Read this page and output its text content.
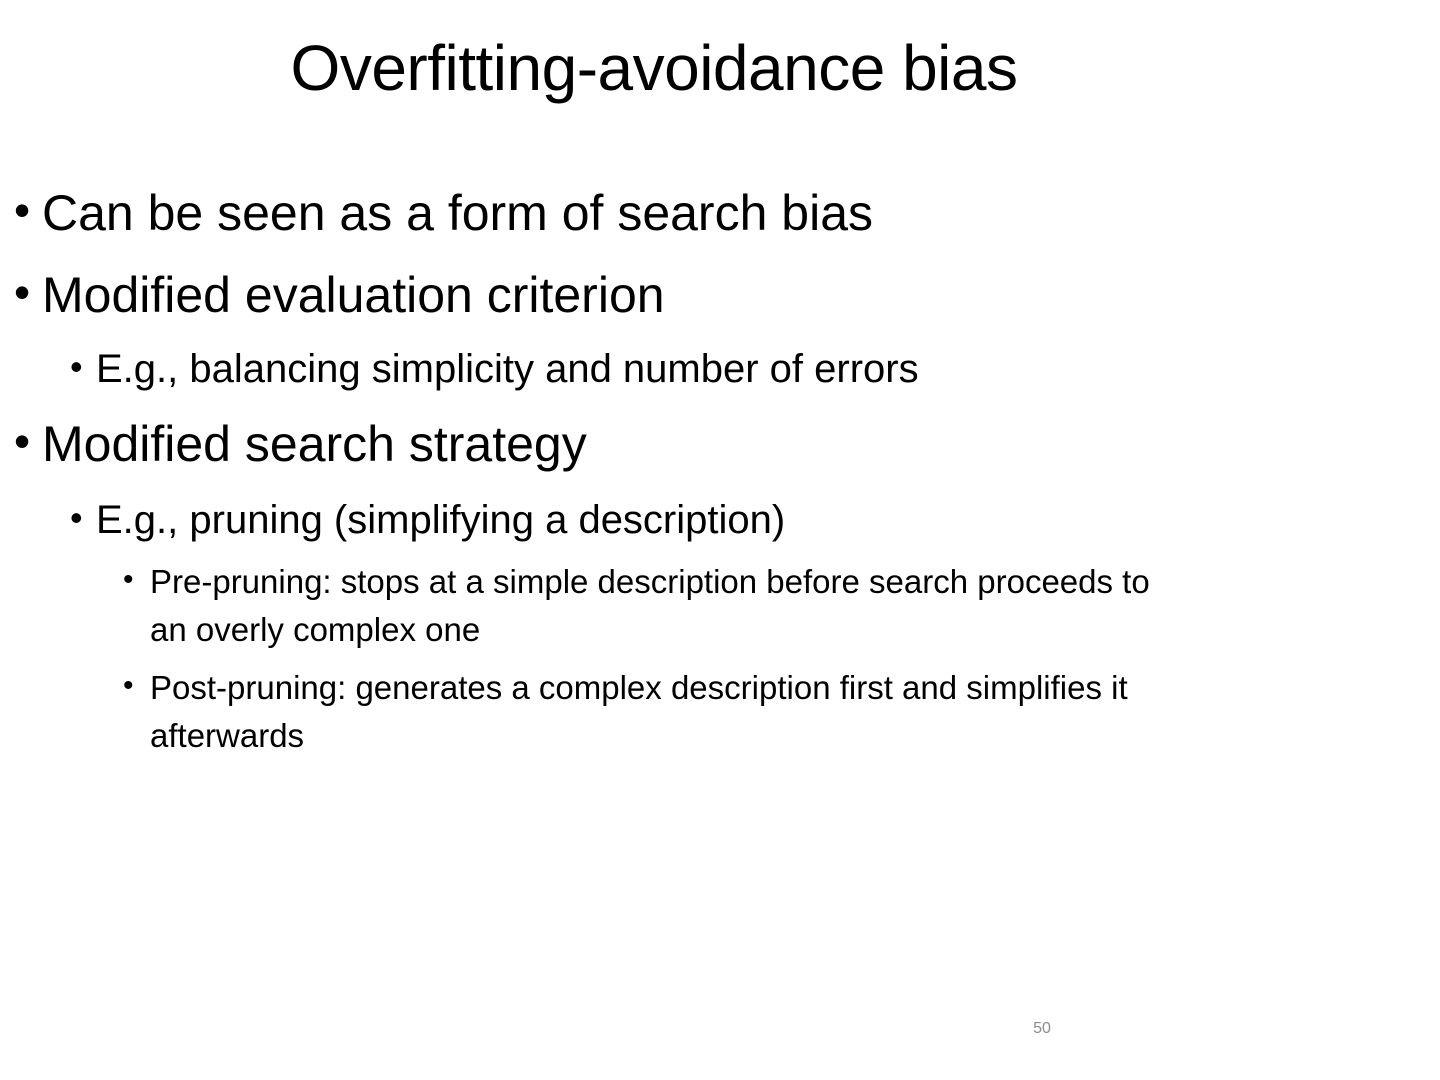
Overfitting-avoidance bias
• Can be seen as a form of search bias
• Modified evaluation criterion
• E.g., balancing simplicity and number of errors
• Modified search strategy
• E.g., pruning (simplifying a description)
• Pre-pruning: stops at a simple description before search proceeds to an overly complex one
• Post-pruning: generates a complex description first and simplifies it afterwards
50
